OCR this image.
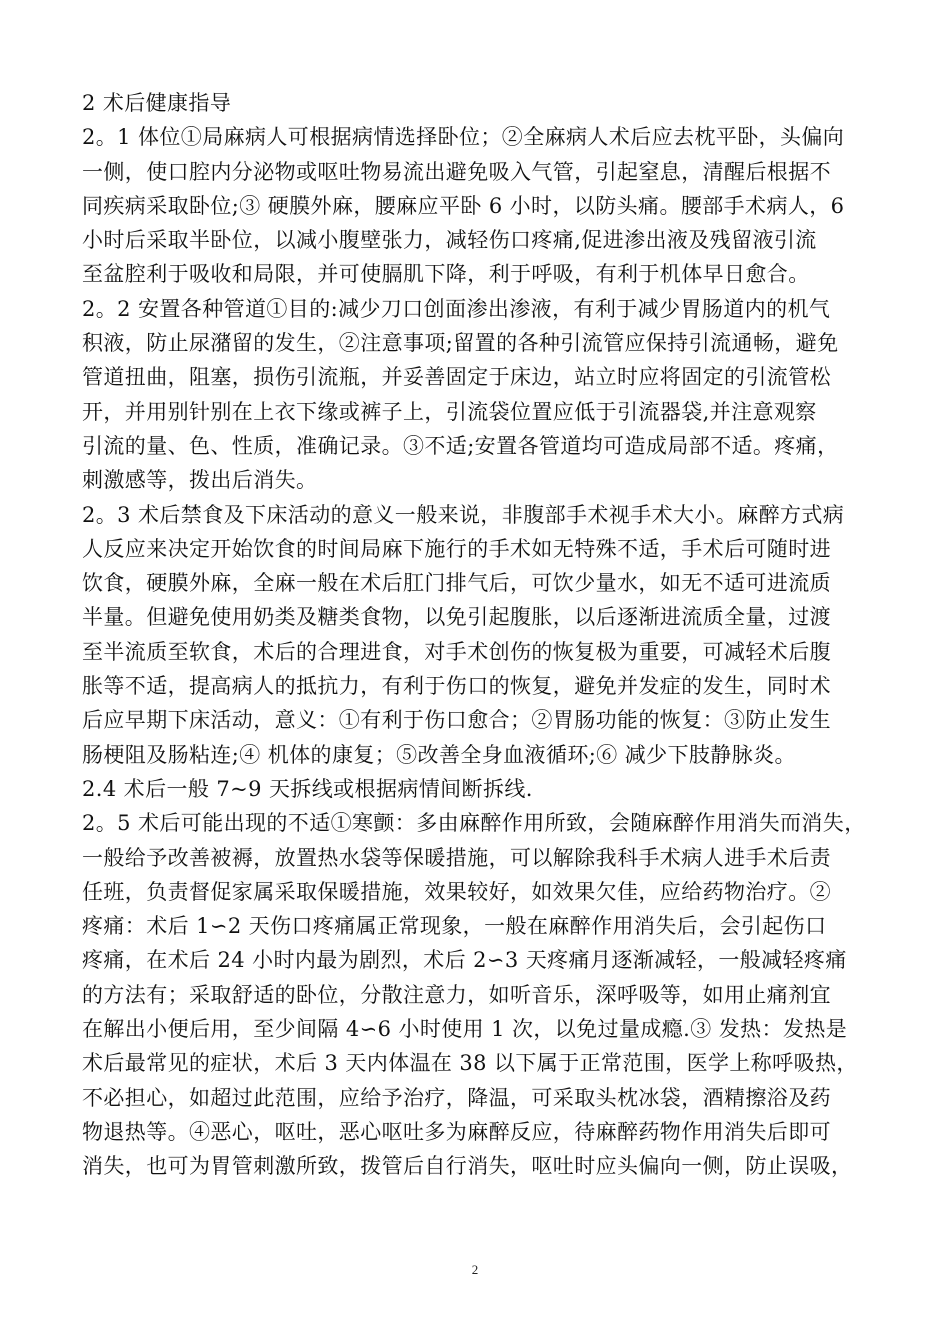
2 术后健康指导
2。1 体位①局麻病人可根据病情选择卧位；②全麻病人术后应去枕平卧，头偏向
一侧，使口腔内分泌物或呕吐物易流出避免吸入气管，引起窒息，清醒后根据不
同疾病采取卧位;③ 硬膜外麻，腰麻应平卧 6 小时，以防头痛。腰部手术病人，6
小时后采取半卧位，以减小腹壁张力，减轻伤口疼痛,促进渗出液及残留液引流
至盆腔利于吸收和局限，并可使膈肌下降，利于呼吸，有利于机体早日愈合。
2。2 安置各种管道①目的:减少刀口创面渗出渗液，有利于减少胃肠道内的机气
积液，防止尿潴留的发生，②注意事项;留置的各种引流管应保持引流通畅，避免
管道扭曲，阻塞，损伤引流瓶，并妥善固定于床边，站立时应将固定的引流管松
开，并用别针别在上衣下缘或裤子上，引流袋位置应低于引流器袋,并注意观察
引流的量、色、性质，准确记录。③不适;安置各管道均可造成局部不适。疼痛，
刺激感等，拨出后消失。
2。3 术后禁食及下床活动的意义一般来说，非腹部手术视手术大小。麻醉方式病
人反应来决定开始饮食的时间局麻下施行的手术如无特殊不适，手术后可随时进
饮食，硬膜外麻，全麻一般在术后肛门排气后，可饮少量水，如无不适可进流质
半量。但避免使用奶类及糖类食物，以免引起腹胀，以后逐渐进流质全量，过渡
至半流质至软食，术后的合理进食，对手术创伤的恢复极为重要，可减轻术后腹
胀等不适，提高病人的抵抗力，有利于伤口的恢复，避免并发症的发生，同时术
后应早期下床活动，意义：①有利于伤口愈合；②胃肠功能的恢复：③防止发生
肠梗阻及肠粘连;④ 机体的康复；⑤改善全身血液循环;⑥ 减少下肢静脉炎。
2.4 术后一般 7~9 天拆线或根据病情间断拆线.
2。5 术后可能出现的不适①寒颤：多由麻醉作用所致，会随麻醉作用消失而消失，
一般给予改善被褥，放置热水袋等保暖措施，可以解除我科手术病人进手术后责
任班，负责督促家属采取保暖措施，效果较好，如效果欠佳，应给药物治疗。②
疼痛：术后 1∽2 天伤口疼痛属正常现象，一般在麻醉作用消失后，会引起伤口
疼痛，在术后 24 小时内最为剧烈，术后 2∽3 天疼痛月逐渐减轻，一般减轻疼痛
的方法有；采取舒适的卧位，分散注意力，如听音乐，深呼吸等，如用止痛剂宜
在解出小便后用，至少间隔 4∽6 小时使用 1 次，以免过量成瘾.③ 发热：发热是
术后最常见的症状，术后 3 天内体温在 38 以下属于正常范围，医学上称呼吸热，
不必担心，如超过此范围，应给予治疗，降温，可采取头枕冰袋，酒精擦浴及药
物退热等。④恶心，呕吐，恶心呕吐多为麻醉反应，待麻醉药物作用消失后即可
消失，也可为胃管刺激所致，拨管后自行消失，呕吐时应头偏向一侧，防止误吸，
2
